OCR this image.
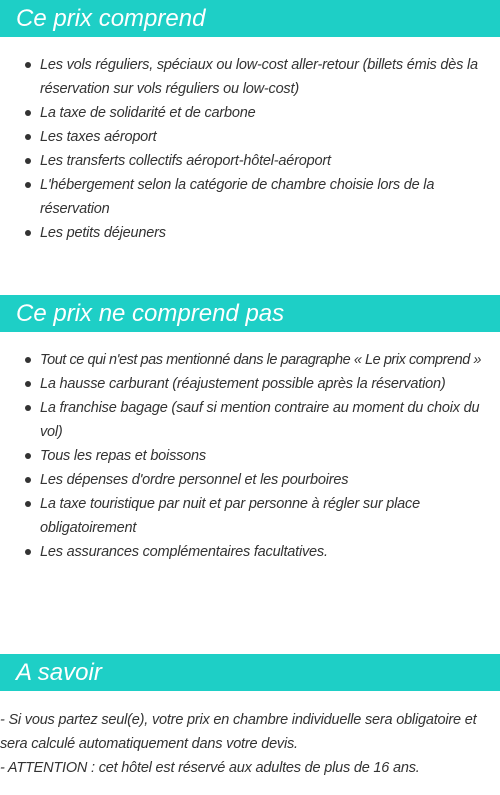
Ce prix comprend
Les vols réguliers, spéciaux ou low-cost aller-retour (billets émis dès la réservation sur vols réguliers ou low-cost)
La taxe de solidarité et de carbone
Les taxes aéroport
Les transferts collectifs aéroport-hôtel-aéroport
L'hébergement selon la catégorie de chambre choisie lors de la réservation
Les petits déjeuners
Ce prix ne comprend pas
Tout ce qui n'est pas mentionné dans le paragraphe « Le prix comprend »
La hausse carburant (réajustement possible après la réservation)
La franchise bagage (sauf si mention contraire au moment du choix du vol)
Tous les repas et boissons
Les dépenses d'ordre personnel et les pourboires
La taxe touristique par nuit et par personne à régler sur place obligatoirement
Les assurances complémentaires facultatives.
A savoir

- Si vous partez seul(e), votre prix en chambre individuelle sera obligatoire et sera calculé automatiquement dans votre devis.

- ATTENTION : cet hôtel est réservé aux adultes de plus de 16 ans.
